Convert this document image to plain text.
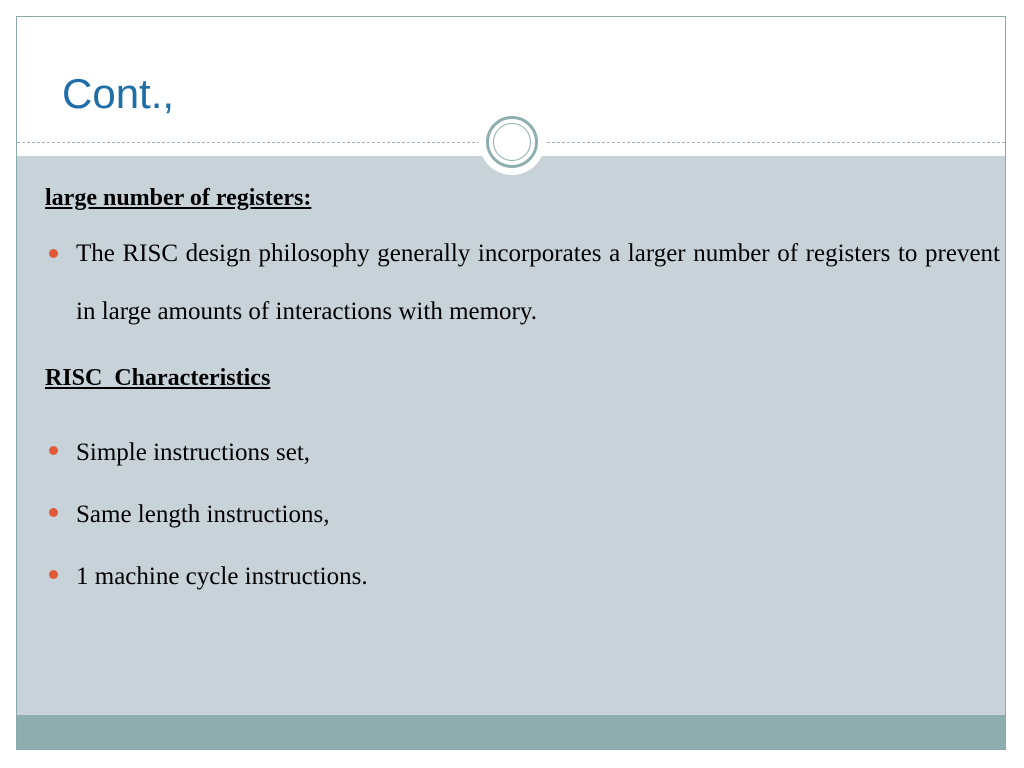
Cont.,

large number of registers:

The RISC design philosophy generally incorporates a larger number of registers to prevent in large amounts of interactions with memory.

RISC  Characteristics

Simple instructions set,
Same length instructions,
1 machine cycle instructions.
